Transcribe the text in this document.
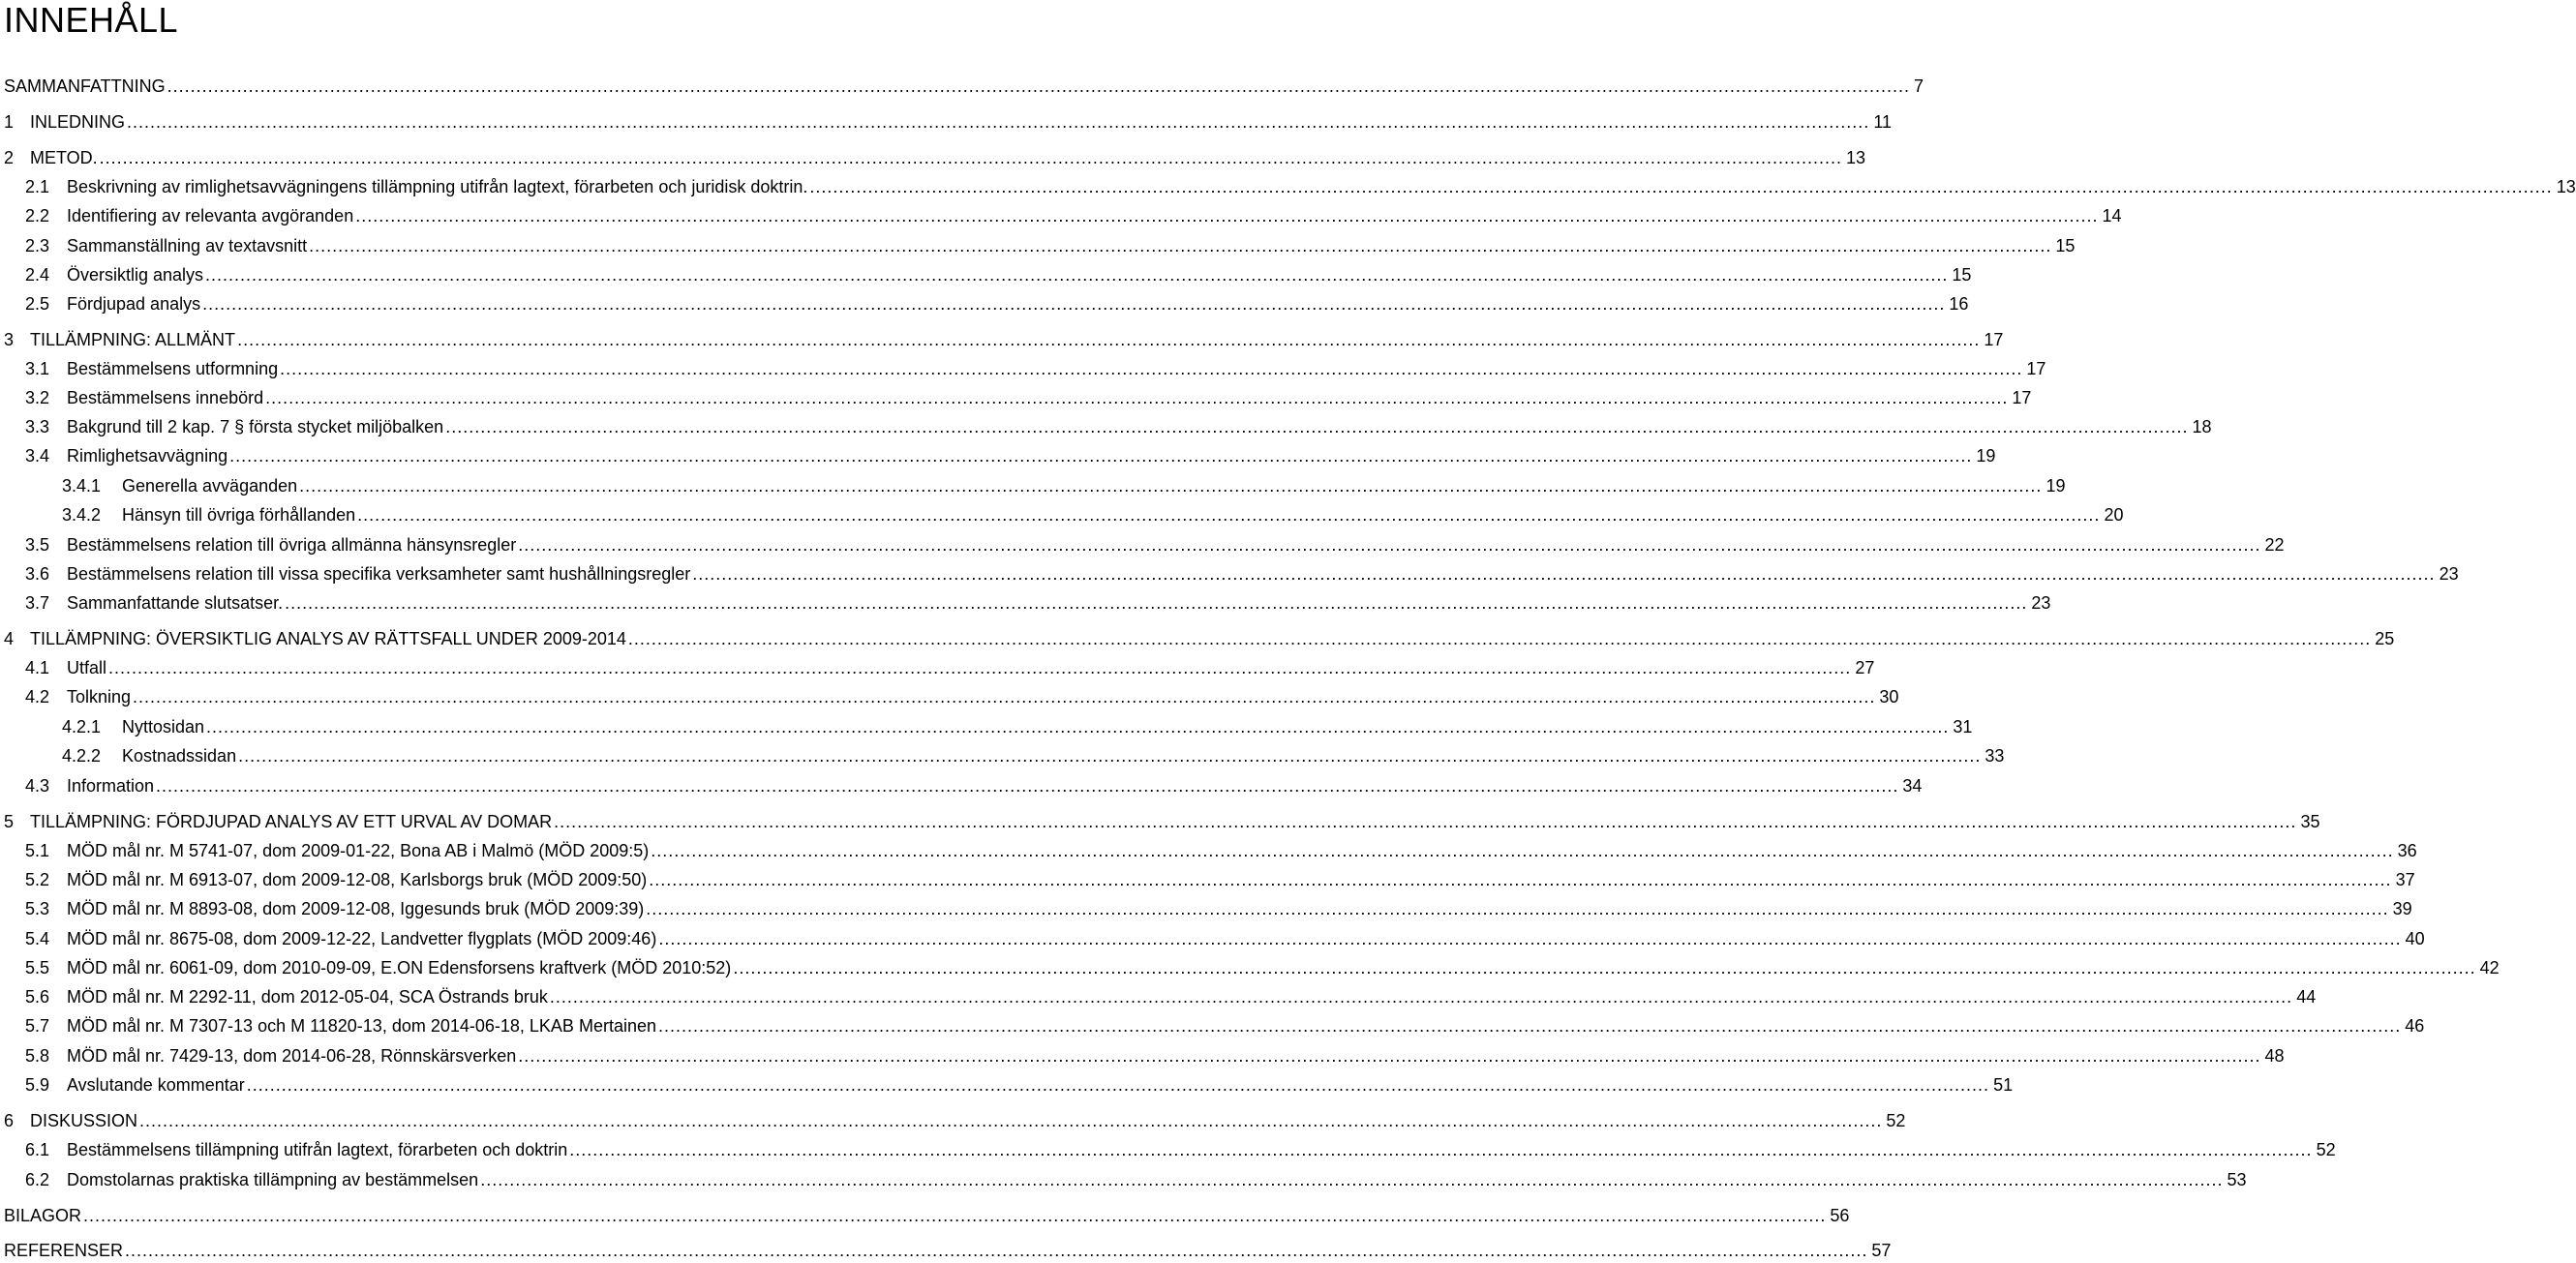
INNEHÅLL
SAMMANFATTNING ............................................................................................................................................................................................................................................................................................................ 7
1 INLEDNING ............................................................................................................................................................................................................................................................................................................ 11
2 METOD. ............................................................................................................................................................................................................................................................................................................ 13
2.1 Beskrivning av rimlighetsavvägningens tillämpning utifrån lagtext, förarbeten och juridisk doktrin. ............................................................................................................................................................................................................................................................................................................ 13
2.2 Identifiering av relevanta avgöranden ............................................................................................................................................................................................................................................................................................................ 14
2.3 Sammanställning av textavsnitt ............................................................................................................................................................................................................................................................................................................ 15
2.4 Översiktlig analys ............................................................................................................................................................................................................................................................................................................ 15
2.5 Fördjupad analys ............................................................................................................................................................................................................................................................................................................ 16
3 TILLÄMPNING: ALLMÄNT ............................................................................................................................................................................................................................................................................................................ 17
3.1 Bestämmelsens utformning ............................................................................................................................................................................................................................................................................................................ 17
3.2 Bestämmelsens innebörd ............................................................................................................................................................................................................................................................................................................ 17
3.3 Bakgrund till 2 kap. 7 § första stycket miljöbalken ............................................................................................................................................................................................................................................................................................................ 18
3.4 Rimlighetsavvägning ............................................................................................................................................................................................................................................................................................................ 19
3.4.1	Generella avväganden ............................................................................................................................................................................................................................................................................................................ 19
3.4.2	Hänsyn till övriga förhållanden ............................................................................................................................................................................................................................................................................................................ 20
3.5 Bestämmelsens relation till övriga allmänna hänsynsregler ............................................................................................................................................................................................................................................................................................................ 22
3.6 Bestämmelsens relation till vissa specifika verksamheter samt hushållningsregler ............................................................................................................................................................................................................................................................................................................ 23
3.7 Sammanfattande slutsatser. ............................................................................................................................................................................................................................................................................................................ 23
4 TILLÄMPNING: ÖVERSIKTLIG ANALYS AV RÄTTSFALL UNDER 2009-2014 ............................................................................................................................................................................................................................................................................................................ 25
4.1 Utfall ............................................................................................................................................................................................................................................................................................................ 27
4.2 Tolkning ............................................................................................................................................................................................................................................................................................................ 30
4.2.1	Nyttosidan ............................................................................................................................................................................................................................................................................................................ 31
4.2.2	Kostnadssidan ............................................................................................................................................................................................................................................................................................................ 33
4.3 Information ............................................................................................................................................................................................................................................................................................................ 34
5 TILLÄMPNING: FÖRDJUPAD ANALYS AV ETT URVAL AV DOMAR ............................................................................................................................................................................................................................................................................................................ 35
5.1 MÖD mål nr. M 5741-07, dom 2009-01-22, Bona AB i Malmö (MÖD 2009:5) ............................................................................................................................................................................................................................................................................................................ 36
5.2 MÖD mål nr. M 6913-07, dom 2009-12-08, Karlsborgs bruk (MÖD 2009:50) ............................................................................................................................................................................................................................................................................................................ 37
5.3 MÖD mål nr. M 8893-08, dom 2009-12-08, Iggesunds bruk (MÖD 2009:39) ............................................................................................................................................................................................................................................................................................................ 39
5.4 MÖD mål nr. 8675-08, dom 2009-12-22, Landvetter flygplats (MÖD 2009:46) ............................................................................................................................................................................................................................................................................................................ 40
5.5 MÖD mål nr. 6061-09, dom 2010-09-09, E.ON Edensforsens kraftverk (MÖD 2010:52) ............................................................................................................................................................................................................................................................................................................ 42
5.6 MÖD mål nr. M 2292-11, dom 2012-05-04, SCA Östrands bruk ............................................................................................................................................................................................................................................................................................................ 44
5.7 MÖD mål nr. M 7307-13 och M 11820-13, dom 2014-06-18, LKAB Mertainen ............................................................................................................................................................................................................................................................................................................ 46
5.8 MÖD mål nr. 7429-13, dom 2014-06-28, Rönnskärsverken ............................................................................................................................................................................................................................................................................................................ 48
5.9 Avslutande kommentar ............................................................................................................................................................................................................................................................................................................ 51
6 DISKUSSION ............................................................................................................................................................................................................................................................................................................ 52
6.1 Bestämmelsens tillämpning utifrån lagtext, förarbeten och doktrin ............................................................................................................................................................................................................................................................................................................ 52
6.2 Domstolarnas praktiska tillämpning av bestämmelsen ............................................................................................................................................................................................................................................................................................................ 53
BILAGOR ............................................................................................................................................................................................................................................................................................................ 56
REFERENSER ............................................................................................................................................................................................................................................................................................................ 57
